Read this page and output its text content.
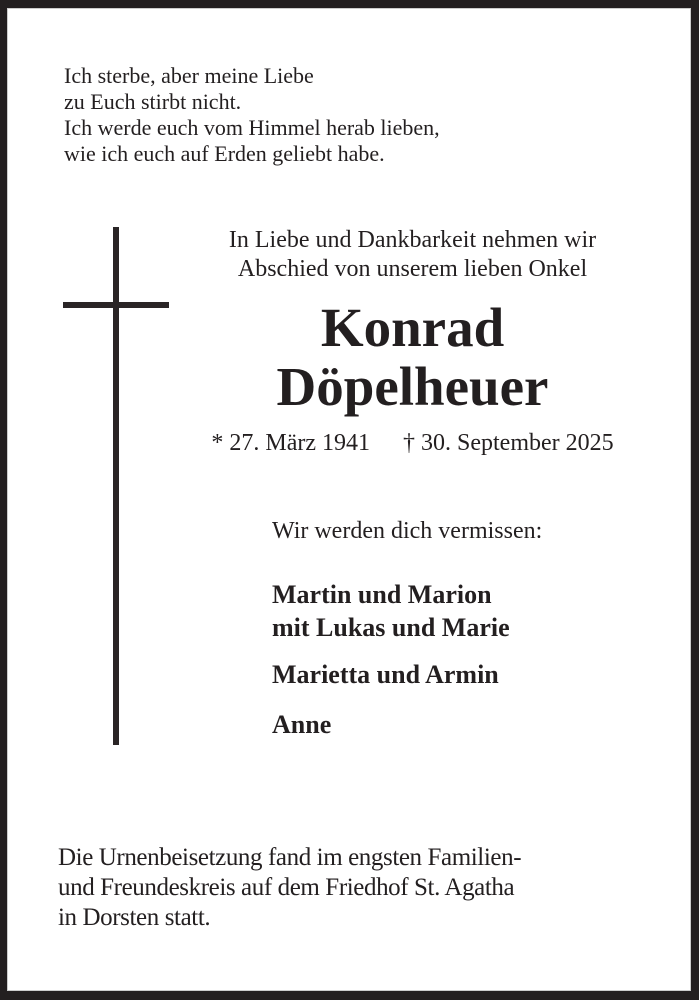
Ich sterbe, aber meine Liebe
zu Euch stirbt nicht.
Ich werde euch vom Himmel herab lieben,
wie ich euch auf Erden geliebt habe.
In Liebe und Dankbarkeit nehmen wir
Abschied von unserem lieben Onkel
Konrad
Döpelheuer
* 27. März 1941 † 30. September 2025
Wir werden dich vermissen:
Martin und Marion
mit Lukas und Marie
Marietta und Armin
Anne
Die Urnenbeisetzung fand im engsten Familien-
und Freundeskreis auf dem Friedhof St. Agatha
in Dorsten statt.
